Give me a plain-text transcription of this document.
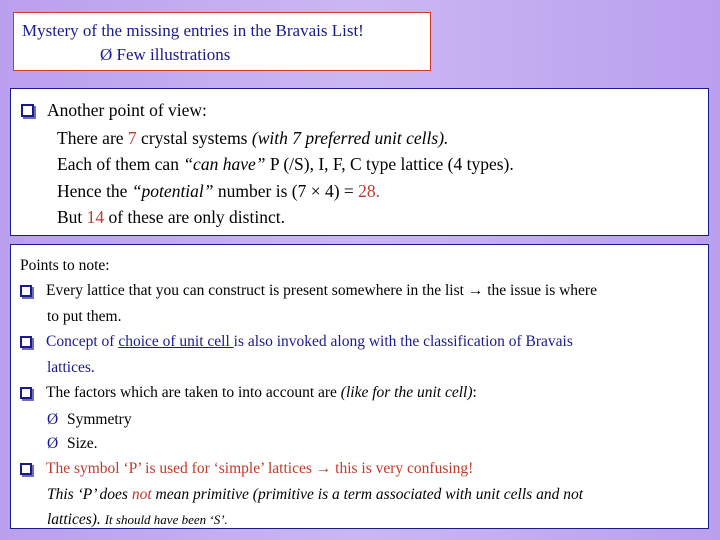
Mystery of the missing entries in the Bravais List!
Ø Few illustrations
Another point of view:
There are 7 crystal systems (with 7 preferred unit cells).
Each of them can “can have” P (/S), I, F, C type lattice (4 types).
Hence the “potential” number is (7 × 4) = 28.
But 14 of these are only distinct.
Points to note:
Every lattice that you can construct is present somewhere in the list → the issue is where
to put them.
Concept of choice of unit cell is also invoked along with the classification of Bravais
lattices.
The factors which are taken to into account are (like for the unit cell):
Ø Symmetry
Ø Size.
The symbol ‘P’ is used for ‘simple’ lattices → this is very confusing!
This ‘P’ does not mean primitive (primitive is a term associated with unit cells and not
lattices). It should have been ‘S’.
